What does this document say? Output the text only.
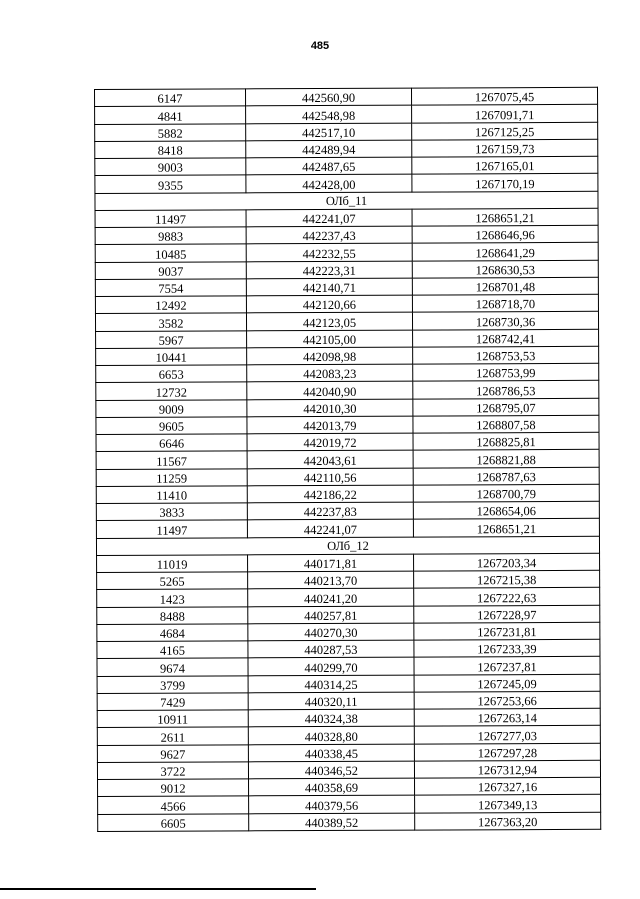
485
6147	442560,90	1267075,45
4841	442548,98	1267091,71
5882	442517,10	1267125,25
8418	442489,94	1267159,73
9003	442487,65	1267165,01
9355	442428,00	1267170,19
ОЛб_11		
11497	442241,07	1268651,21
9883	442237,43	1268646,96
10485	442232,55	1268641,29
9037	442223,31	1268630,53
7554	442140,71	1268701,48
12492	442120,66	1268718,70
3582	442123,05	1268730,36
5967	442105,00	1268742,41
10441	442098,98	1268753,53
6653	442083,23	1268753,99
12732	442040,90	1268786,53
9009	442010,30	1268795,07
9605	442013,79	1268807,58
6646	442019,72	1268825,81
11567	442043,61	1268821,88
11259	442110,56	1268787,63
11410	442186,22	1268700,79
3833	442237,83	1268654,06
11497	442241,07	1268651,21
ОЛб_12		
11019	440171,81	1267203,34
5265	440213,70	1267215,38
1423	440241,20	1267222,63
8488	440257,81	1267228,97
4684	440270,30	1267231,81
4165	440287,53	1267233,39
9674	440299,70	1267237,81
3799	440314,25	1267245,09
7429	440320,11	1267253,66
10911	440324,38	1267263,14
2611	440328,80	1267277,03
9627	440338,45	1267297,28
3722	440346,52	1267312,94
9012	440358,69	1267327,16
4566	440379,56	1267349,13
6605	440389,52	1267363,20
